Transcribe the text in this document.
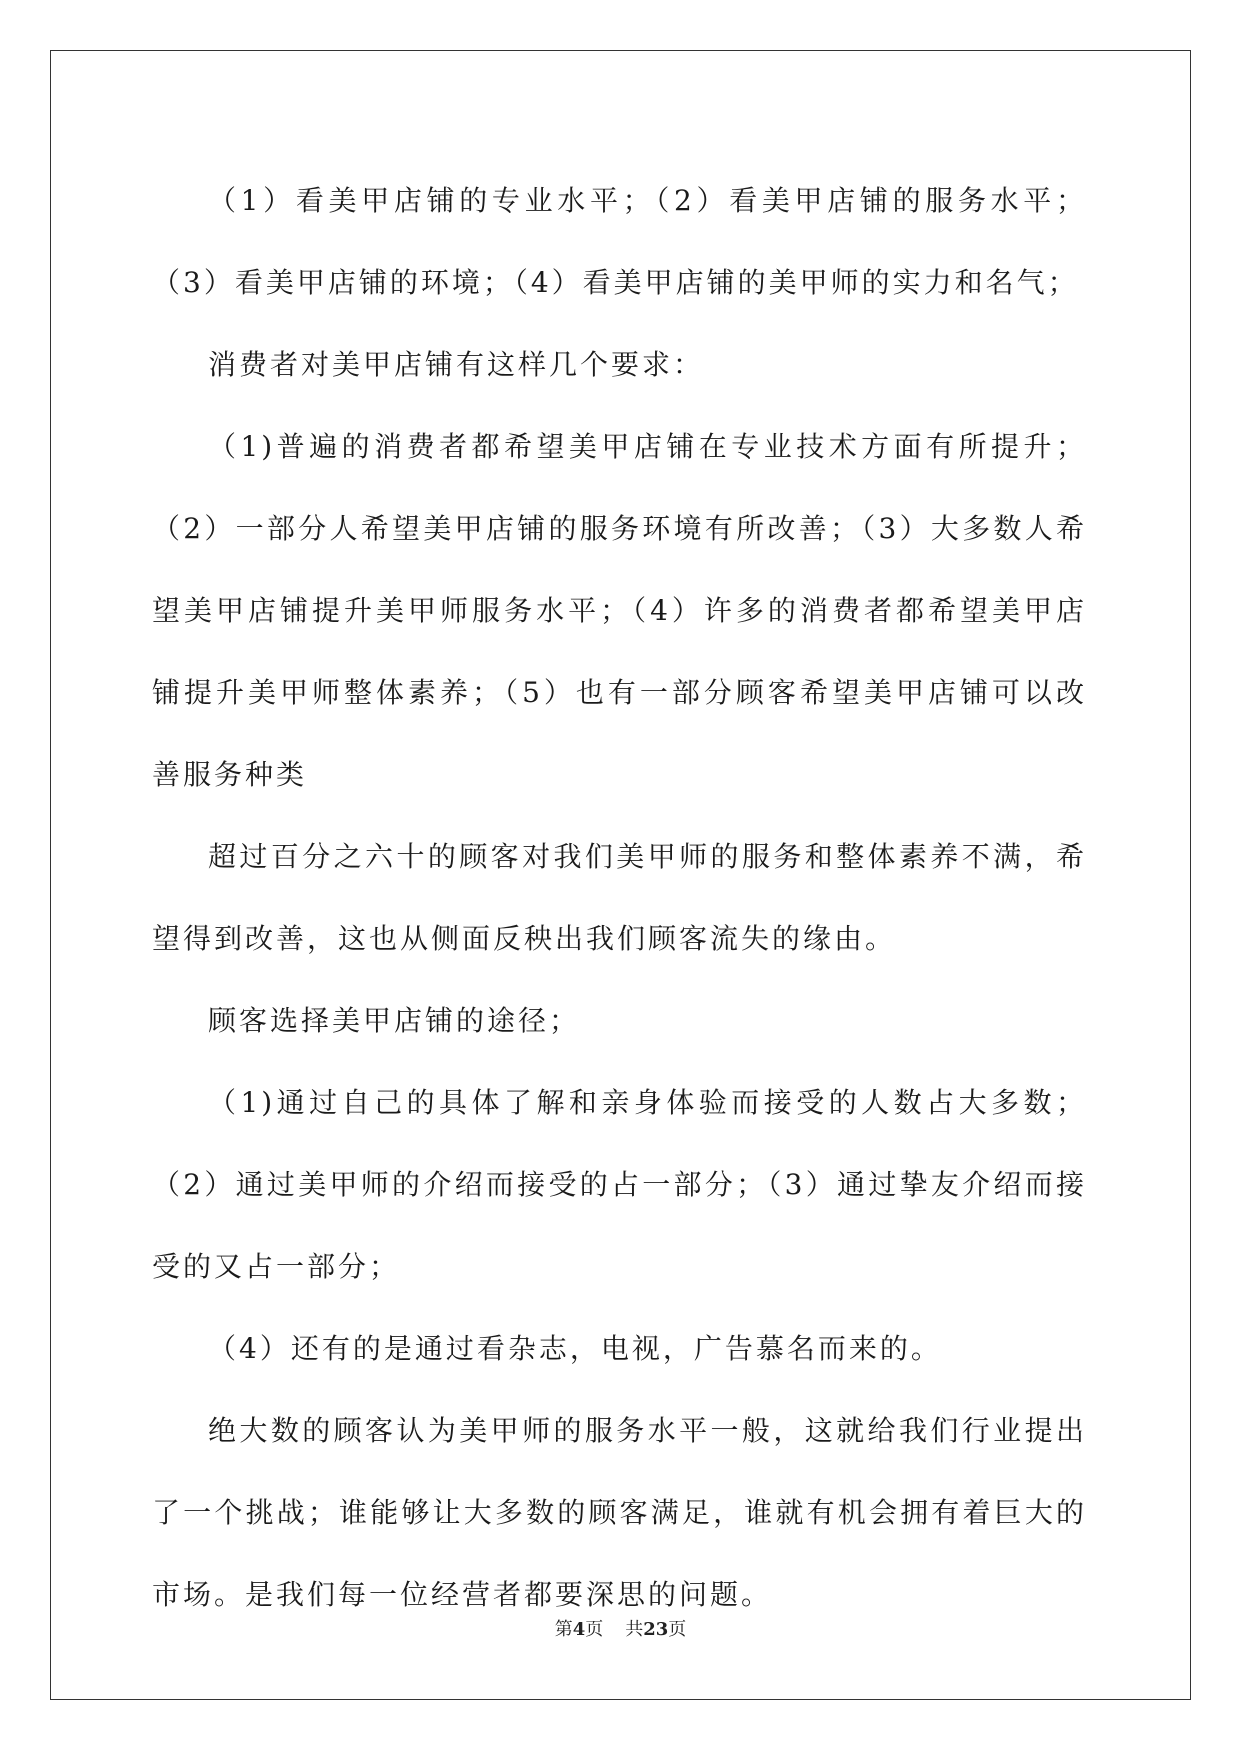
（1）看美甲店铺的专业水平；（2）看美甲店铺的服务水平；（3）看美甲店铺的环境；（4）看美甲店铺的美甲师的实力和名气；

消费者对美甲店铺有这样几个要求：

（1)普遍的消费者都希望美甲店铺在专业技术方面有所提升；（2）一部分人希望美甲店铺的服务环境有所改善；（3）大多数人希望美甲店铺提升美甲师服务水平；（4）许多的消费者都希望美甲店铺提升美甲师整体素养；（5）也有一部分顾客希望美甲店铺可以改善服务种类

超过百分之六十的顾客对我们美甲师的服务和整体素养不满，希望得到改善，这也从侧面反秧出我们顾客流失的缘由。

顾客选择美甲店铺的途径；

（1)通过自己的具体了解和亲身体验而接受的人数占大多数；（2）通过美甲师的介绍而接受的占一部分；（3）通过挚友介绍而接受的又占一部分；

（4）还有的是通过看杂志，电视，广告慕名而来的。

绝大数的顾客认为美甲师的服务水平一般，这就给我们行业提出了一个挑战；谁能够让大多数的顾客满足，谁就有机会拥有着巨大的市场。是我们每一位经营者都要深思的问题。

第4页 共23页
